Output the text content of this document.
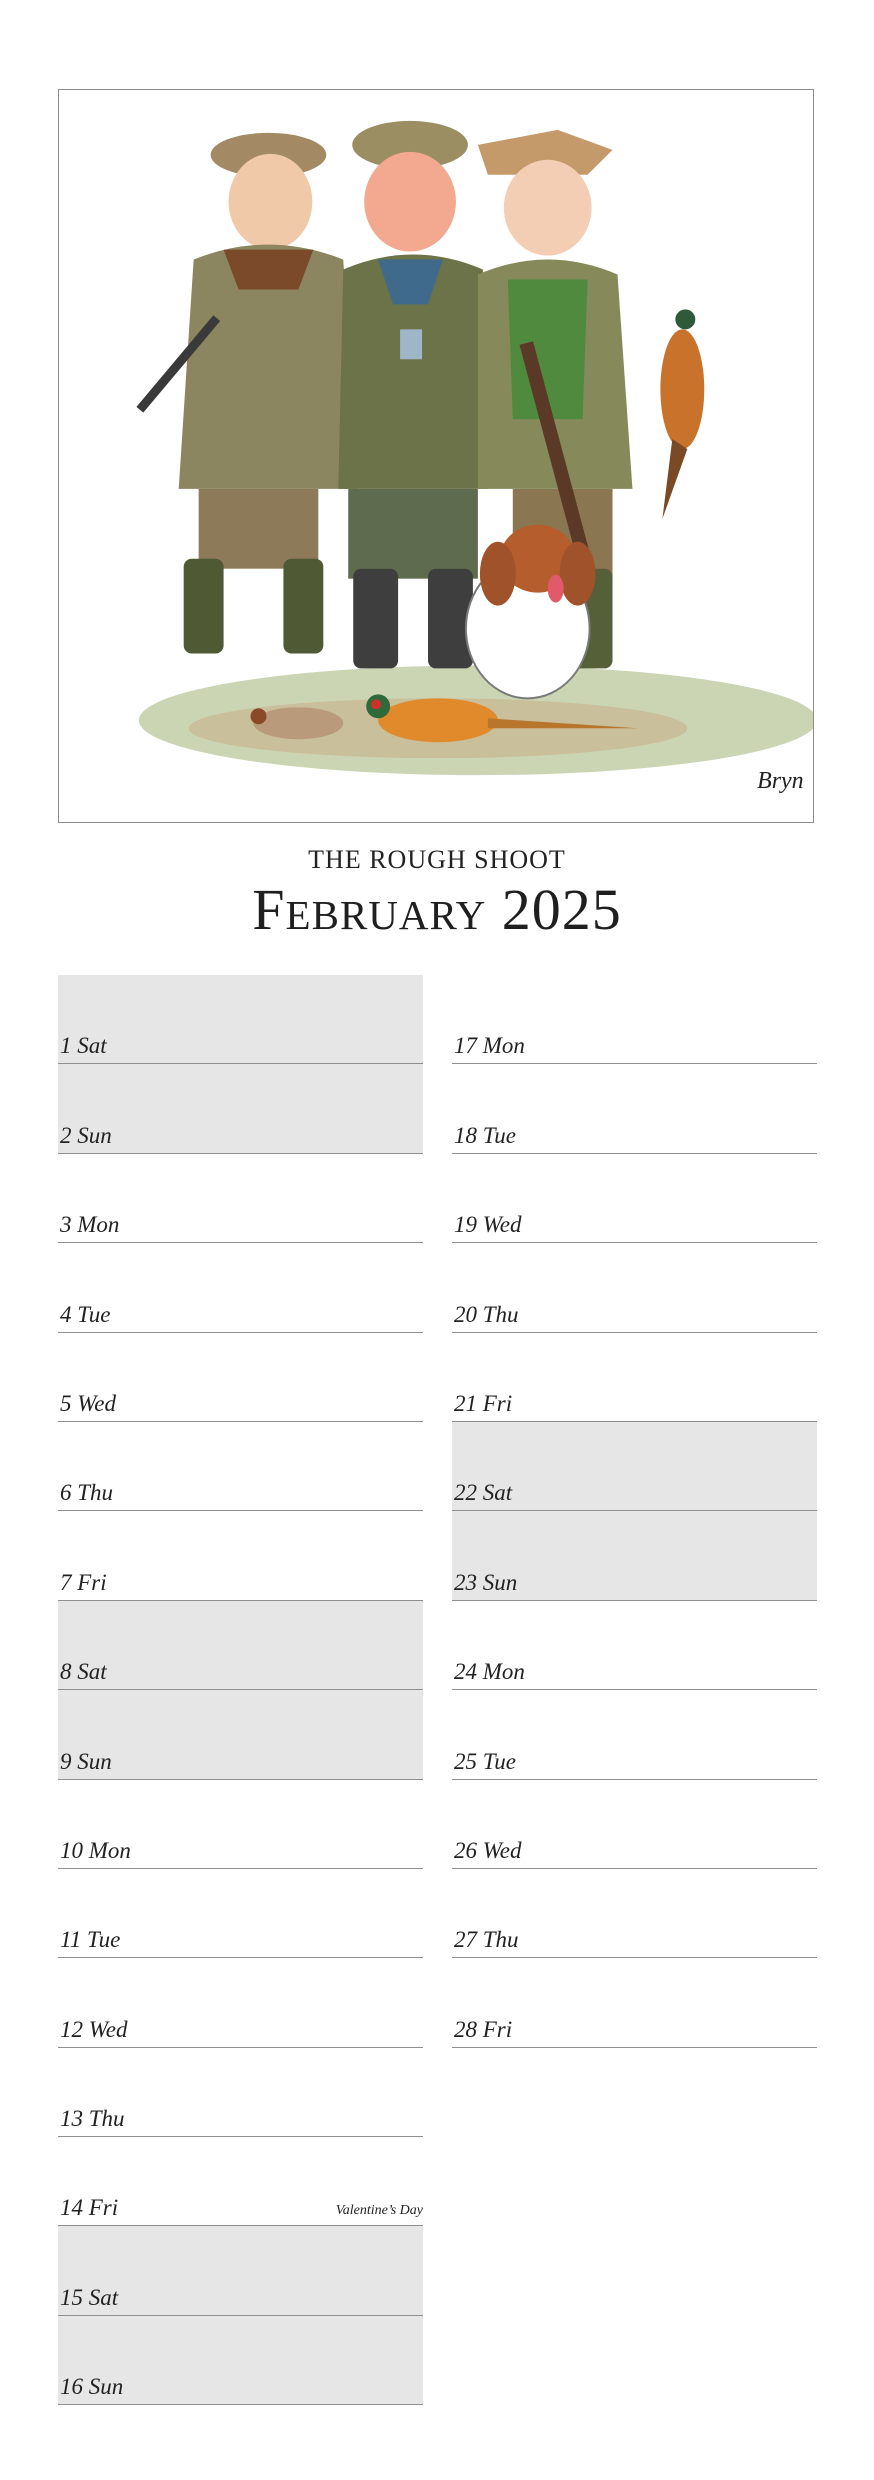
Bryn
THE ROUGH SHOOT
February 2025
1 Sat
2 Sun
3 Mon
4 Tue
5 Wed
6 Thu
7 Fri
8 Sat
9 Sun
10 Mon
11 Tue
12 Wed
13 Thu
14 Fri	Valentine’s Day
15 Sat
16 Sun
17 Mon
18 Tue
19 Wed
20 Thu
21 Fri
22 Sat
23 Sun
24 Mon
25 Tue
26 Wed
27 Thu
28 Fri
